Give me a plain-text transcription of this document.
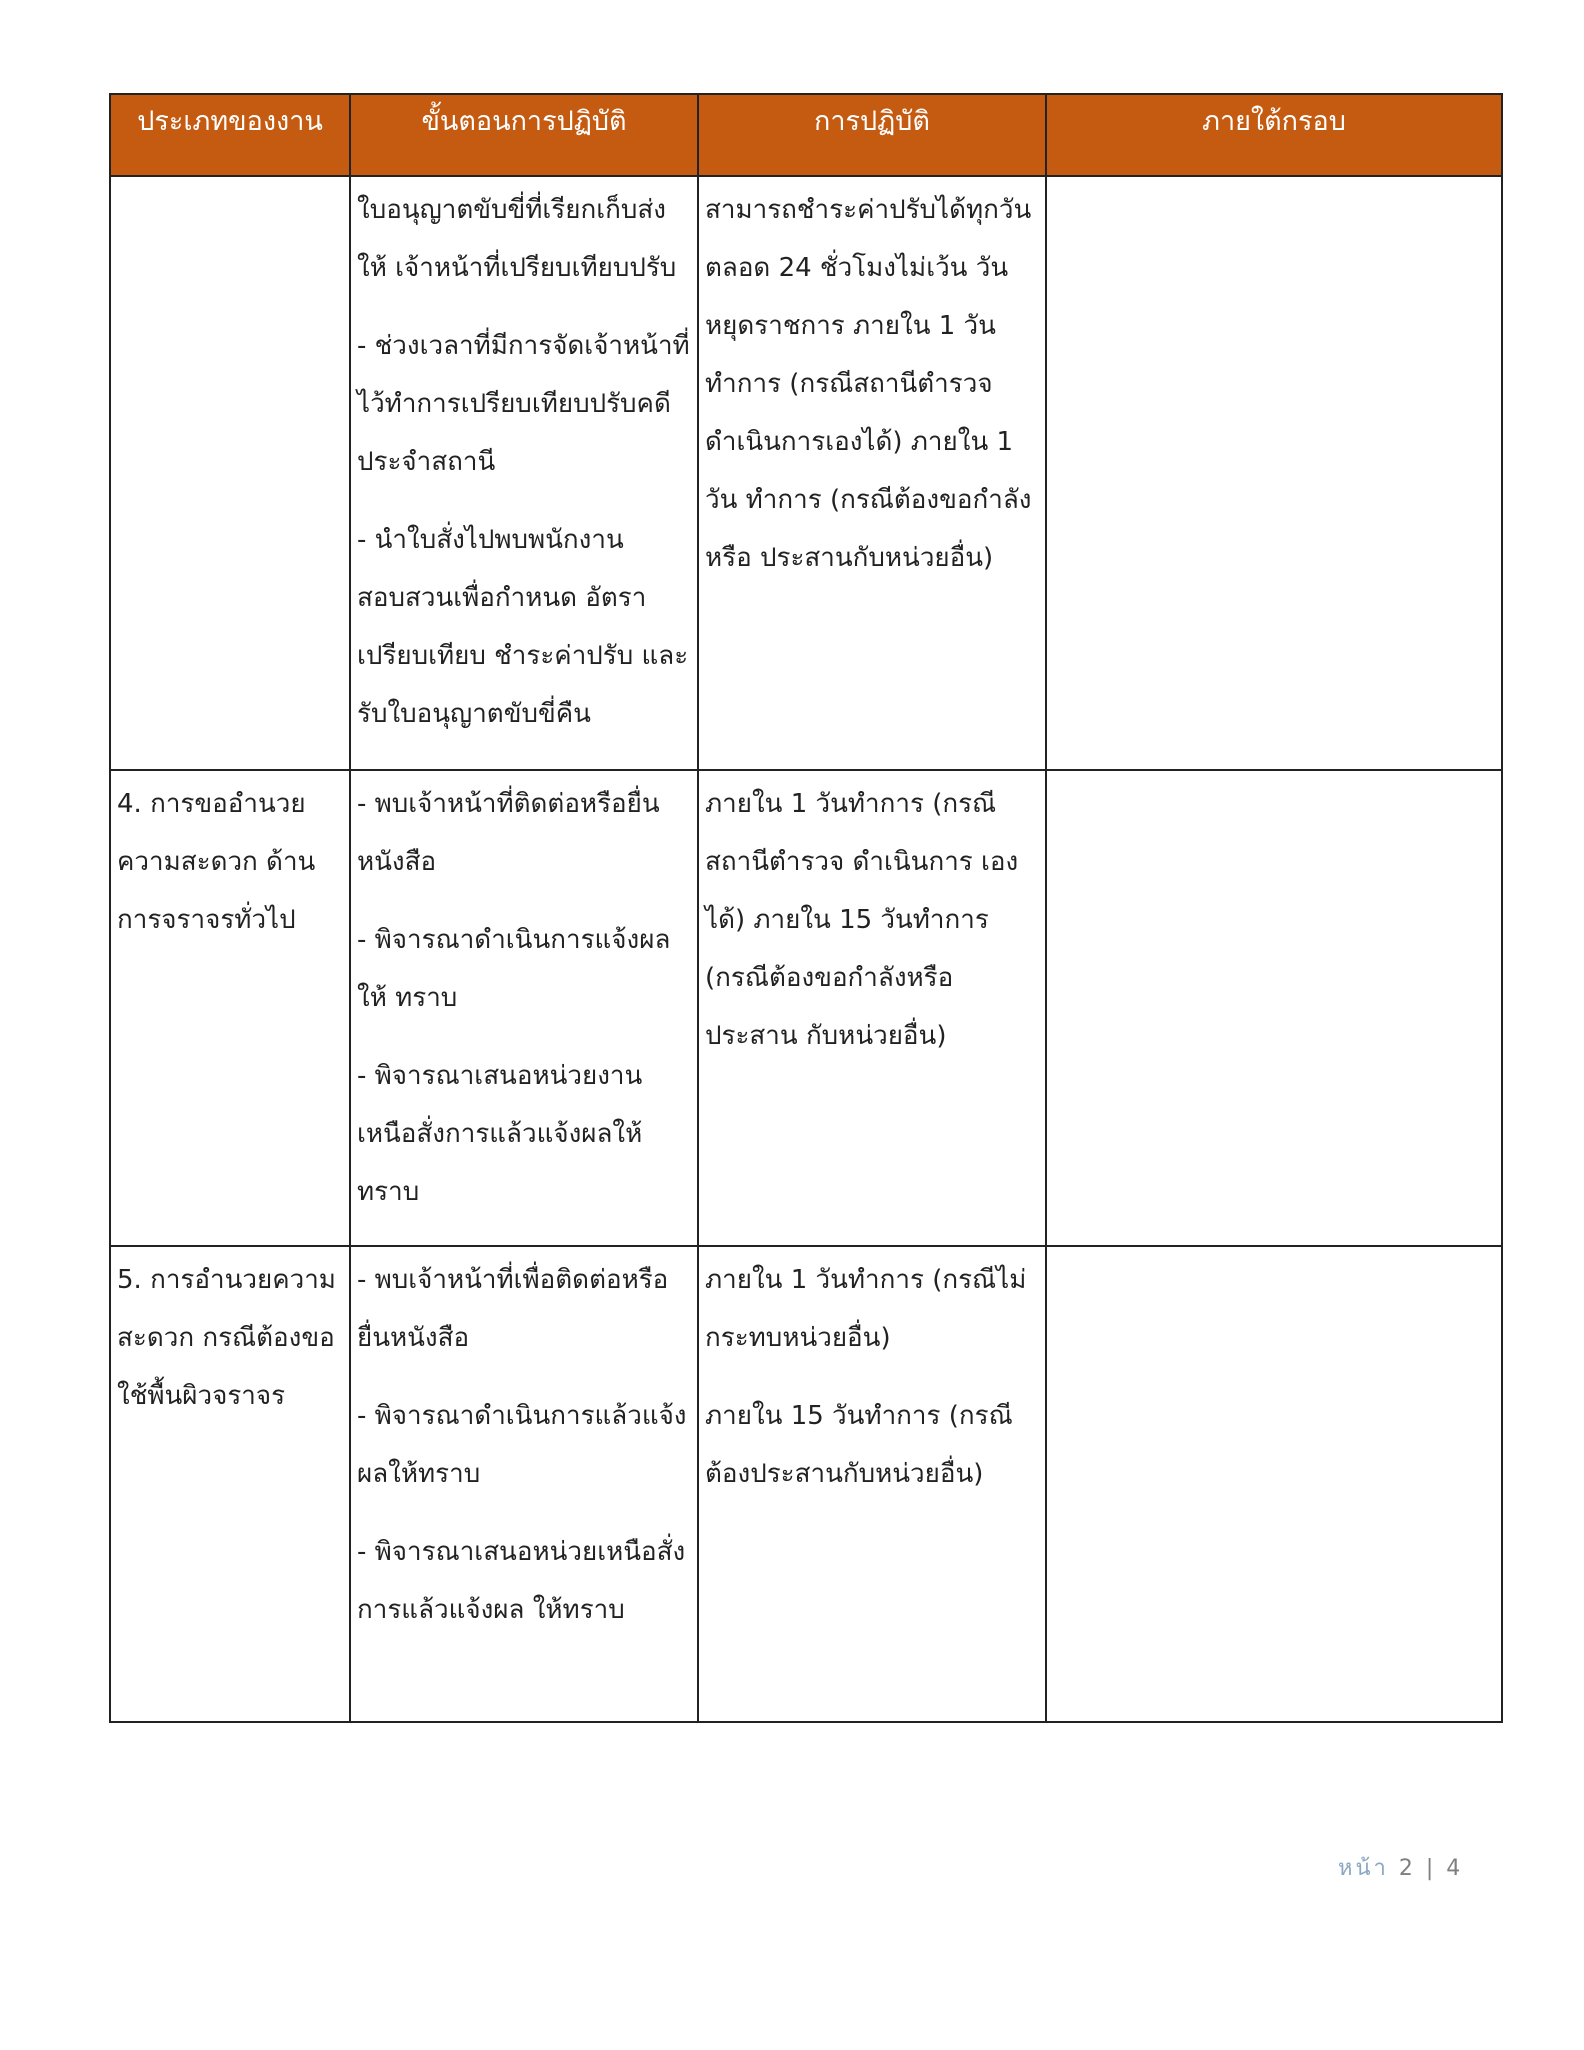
ประเภทของงาน	ขั้นตอนการปฏิบัติ	การปฏิบัติ	ภายใต้กรอบ

	ใบอนุญาตขับขี่ที่เรียกเก็บส่งให้ เจ้าหน้าที่เปรียบเทียบปรับ
- ช่วงเวลาที่มีการจัดเจ้าหน้าที่ ไว้ทำการเปรียบเทียบปรับคดี ประจำสถานี
- นำใบสั่งไปพบพนักงาน สอบสวนเพื่อกำหนด อัตรา เปรียบเทียบ ชำระค่าปรับ และ รับใบอนุญาตขับขี่คืน	สามารถชำระค่าปรับได้ทุกวัน ตลอด 24 ชั่วโมงไม่เว้น วัน หยุดราชการ ภายใน 1 วัน ทำการ (กรณีสถานีตำรวจ ดำเนินการเองได้) ภายใน 1 วัน ทำการ (กรณีต้องขอกำลังหรือ ประสานกับหน่วยอื่น)	

4. การขออำนวย ความสะดวก ด้านการจราจรทั่วไป	- พบเจ้าหน้าที่ติดต่อหรือยื่น หนังสือ
- พิจารณาดำเนินการแจ้งผลให้ ทราบ
- พิจารณาเสนอหน่วยงาน เหนือสั่งการแล้วแจ้งผลให้ ทราบ	ภายใน 1 วันทำการ (กรณีสถานีตำรวจ ดำเนินการ เองได้) ภายใน 15 วันทำการ (กรณีต้องขอกำลังหรือประสาน กับหน่วยอื่น)	

5. การอำนวยความ สะดวก กรณีต้องขอ ใช้พื้นผิวจราจร	- พบเจ้าหน้าที่เพื่อติดต่อหรือ ยื่นหนังสือ
- พิจารณาดำเนินการแล้วแจ้ง ผลให้ทราบ
- พิจารณาเสนอหน่วยเหนือสั่ง การแล้วแจ้งผล ให้ทราบ	ภายใน 1 วันทำการ (กรณีไม่กระทบหน่วยอื่น)
ภายใน 15 วันทำการ (กรณี ต้องประสานกับหน่วยอื่น)	

หน้า 2 | 4
